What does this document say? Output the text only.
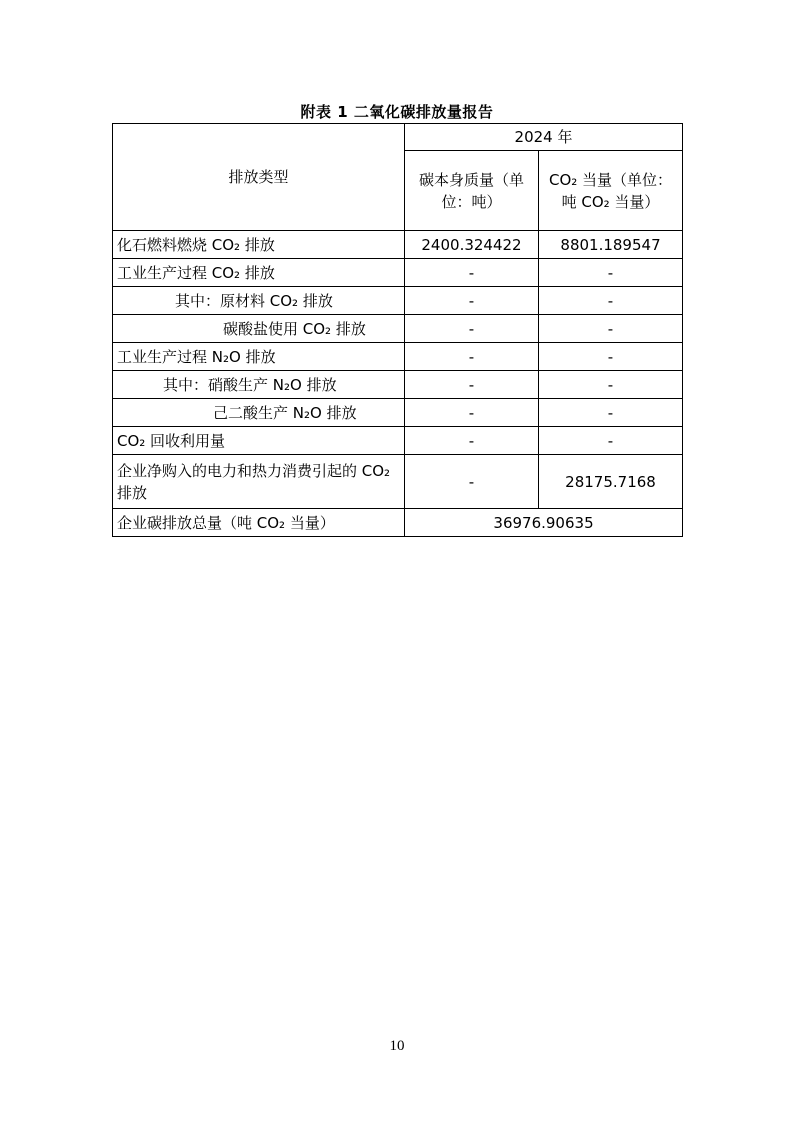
附表 1 二氧化碳排放量报告
排放类型	2024 年	
	碳本身质量（单位：吨）	CO₂ 当量（单位：吨 CO₂ 当量）
化石燃料燃烧 CO₂ 排放	2400.324422	8801.189547
工业生产过程 CO₂ 排放	-	-
其中：原材料 CO₂ 排放	-	-
碳酸盐使用 CO₂ 排放	-	-
工业生产过程 N₂O 排放	-	-
其中：硝酸生产 N₂O 排放	-	-
己二酸生产 N₂O 排放	-	-
CO₂ 回收利用量	-	-
企业净购入的电力和热力消费引起的 CO₂ 排放	-	28175.7168
企业碳排放总量（吨 CO₂ 当量）	36976.90635	
10
